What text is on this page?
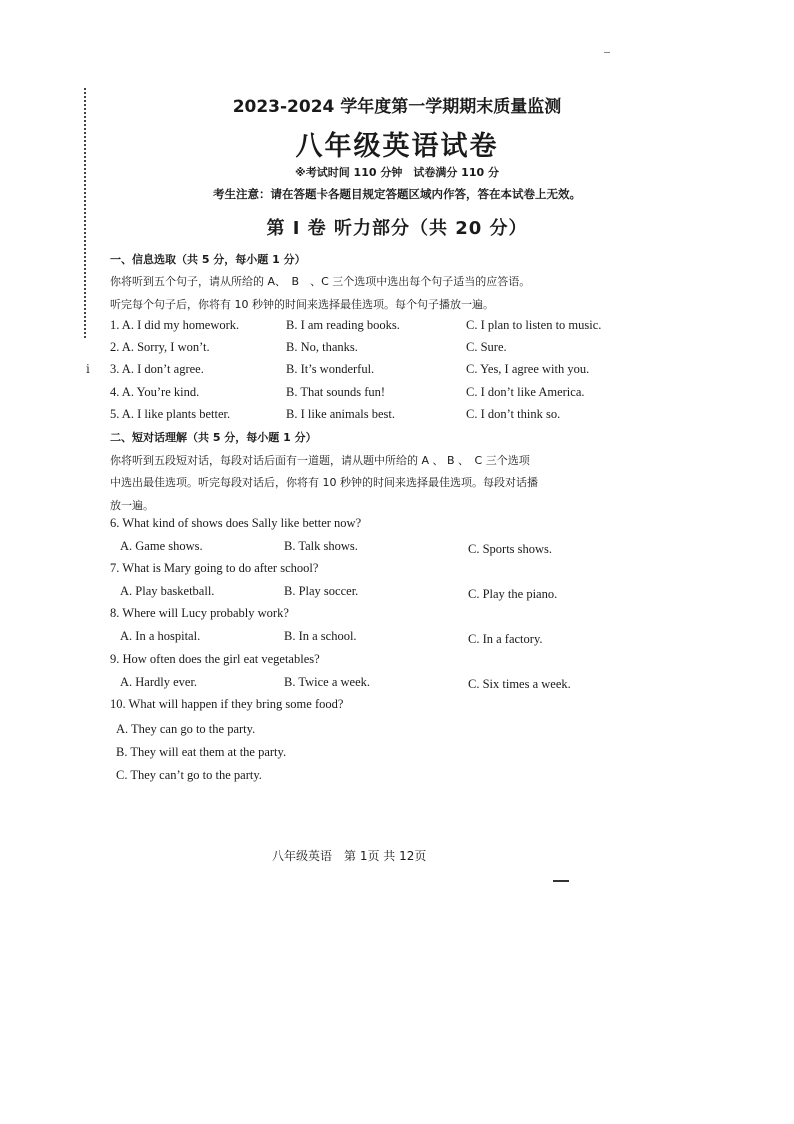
ⅰ
2023-2024 学年度第一学期期末质量监测
八年级英语试卷
※考试时间 110 分钟　试卷满分 110 分
考生注意：请在答题卡各题目规定答题区域内作答，答在本试卷上无效。
第 I 卷 听力部分（共 20 分）
一、信息选取（共 5 分，每小题 1 分）
你将听到五个句子，请从所给的 A、　B　、C 三个选项中选出每个句子适当的应答语。
听完每个句子后，你将有 10 秒钟的时间来选择最佳选项。每个句子播放一遍。
1. A. I did my homework.	B. I am reading books.	C. I plan to listen to music.
2. A. Sorry, I won’t.	B. No, thanks.	C. Sure.
3. A. I don’t agree.	B. It’s wonderful.	C. Yes, I agree with you.
4. A. You’re kind.	B. That sounds fun!	C. I don’t like America.
5. A. I like plants better.	B. I like animals best.	C. I don’t think so.
二、短对话理解（共 5 分，每小题 1 分）
你将听到五段短对话，每段对话后面有一道题，请从题中所给的 A 、 B 、　C 三个选项
中选出最佳选项。听完每段对话后，你将有 10 秒钟的时间来选择最佳选项。每段对话播
放一遍。
6. What kind of shows does Sally like better now?
A. Game shows.	B. Talk shows.	C. Sports shows.
7. What is Mary going to do after school?
A. Play basketball.	B. Play soccer.	C. Play the piano.
8. Where will Lucy probably work?
A. In a hospital.	B. In a school.	C. In a factory.
9. How often does the girl eat vegetables?
A. Hardly ever.	B. Twice a week.	C. Six times a week.
10. What will happen if they bring some food?
A. They can go to the party.
B. They will eat them at the party.
C. They can’t go to the party.
八年级英语　第 1页 共 12页
